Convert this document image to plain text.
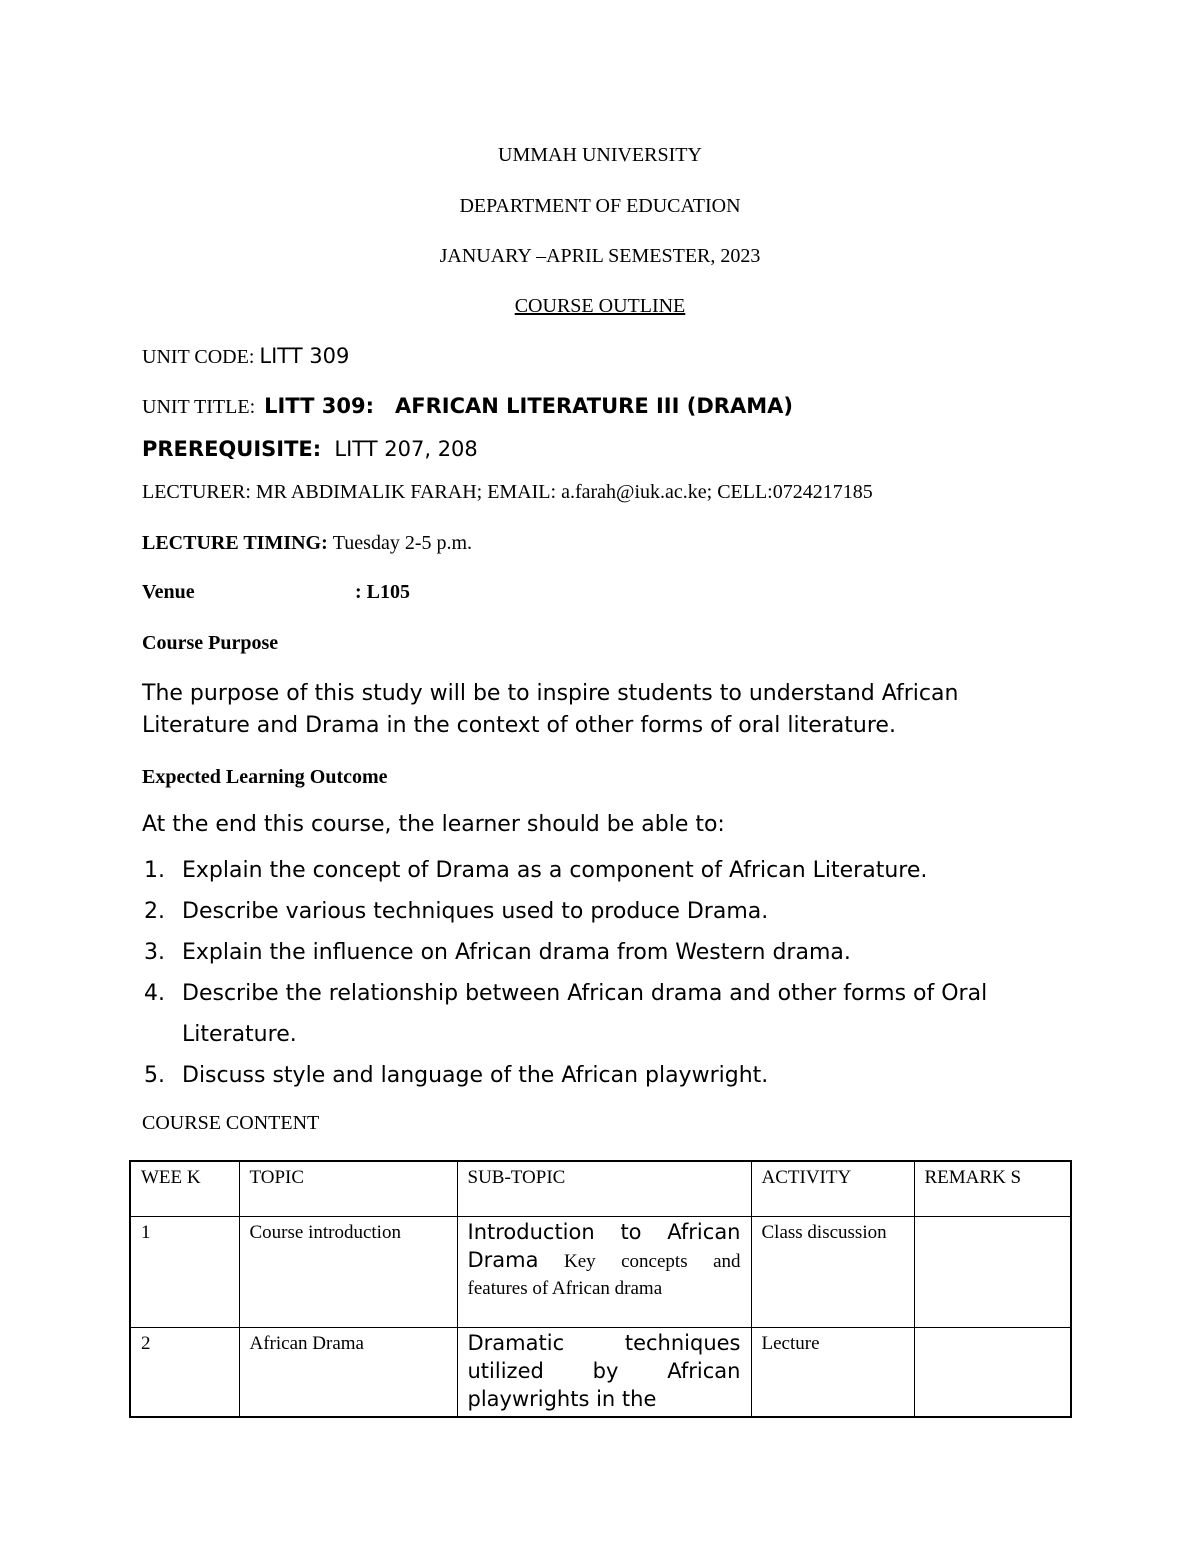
UMMAH UNIVERSITY
DEPARTMENT OF EDUCATION
JANUARY –APRIL SEMESTER, 2023
COURSE OUTLINE
UNIT CODE: LITT 309
UNIT TITLE: LITT 309: AFRICAN LITERATURE III (DRAMA)
PREREQUISITE: LITT 207, 208
LECTURER: MR ABDIMALIK FARAH; EMAIL: a.farah@iuk.ac.ke; CELL:0724217185
LECTURE TIMING: Tuesday 2-5 p.m.
Venue	: L105
Course Purpose
The purpose of this study will be to inspire students to understand African Literature and Drama in the context of other forms of oral literature.
Expected Learning Outcome
At the end this course, the learner should be able to:
1. Explain the concept of Drama as a component of African Literature.
2. Describe various techniques used to produce Drama.
3. Explain the influence on African drama from Western drama.
4. Describe the relationship between African drama and other forms of Oral Literature.
5. Discuss style and language of the African playwright.
COURSE CONTENT
WEE K	TOPIC	SUB-TOPIC	ACTIVITY	REMARK S
1	Course introduction	Introduction to African Drama Key concepts and features of African drama	Class discussion	
2	African Drama	Dramatic techniques utilized by African playwrights in the	Lecture	
